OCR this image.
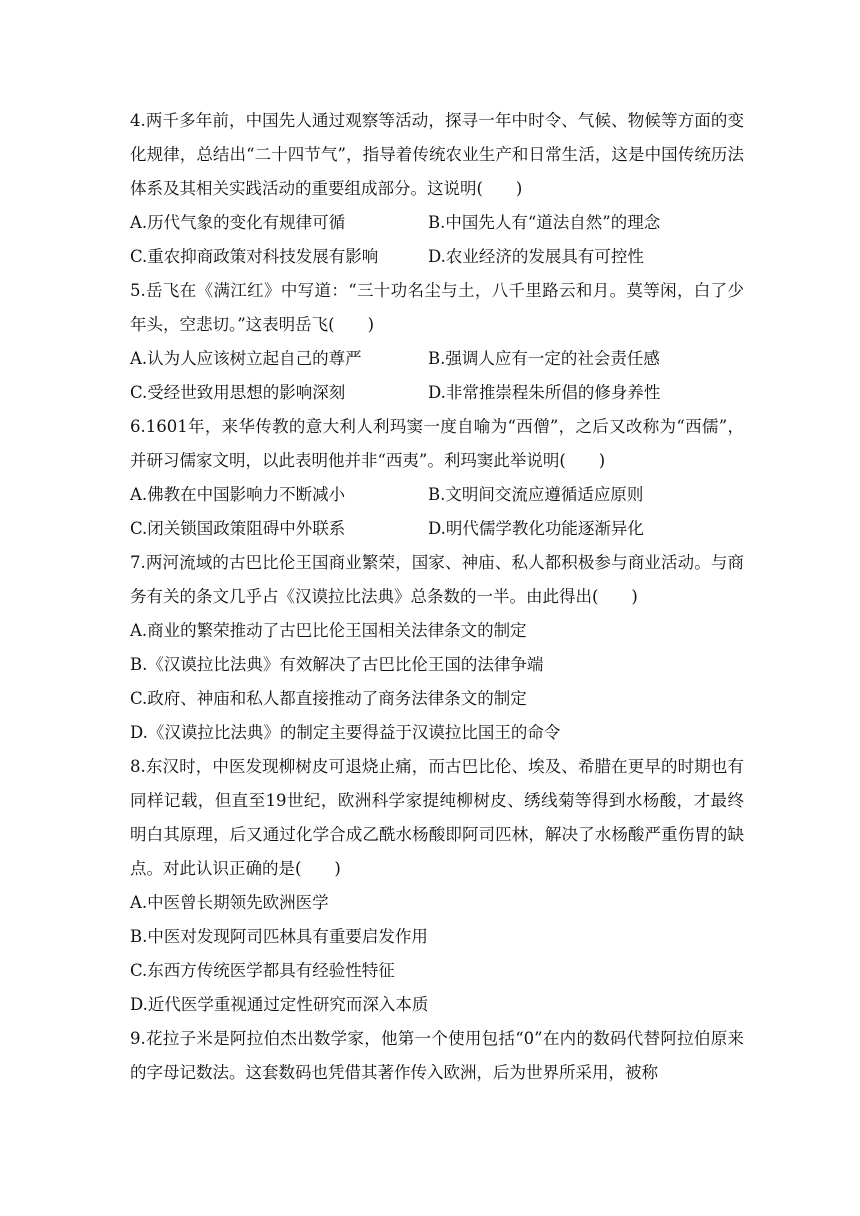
4.两千多年前，中国先人通过观察等活动，探寻一年中时令、气候、物候等方面的变化规律，总结出“二十四节气”，指导着传统农业生产和日常生活，这是中国传统历法体系及其相关实践活动的重要组成部分。这说明(　　)

A.历代气象的变化有规律可循	B.中国先人有“道法自然”的理念
C.重农抑商政策对科技发展有影响	D.农业经济的发展具有可控性

5.岳飞在《满江红》中写道：“三十功名尘与土，八千里路云和月。莫等闲，白了少年头，空悲切。”这表明岳飞(　　)

A.认为人应该树立起自己的尊严	B.强调人应有一定的社会责任感
C.受经世致用思想的影响深刻	D.非常推崇程朱所倡的修身养性

6.1601年，来华传教的意大利人利玛窦一度自喻为“西僧”，之后又改称为“西儒”，并研习儒家文明，以此表明他并非“西夷”。利玛窦此举说明(　　)

A.佛教在中国影响力不断减小	B.文明间交流应遵循适应原则
C.闭关锁国政策阻碍中外联系	D.明代儒学教化功能逐渐异化

7.两河流域的古巴比伦王国商业繁荣，国家、神庙、私人都积极参与商业活动。与商务有关的条文几乎占《汉谟拉比法典》总条数的一半。由此得出(　　)

A.商业的繁荣推动了古巴比伦王国相关法律条文的制定

B.《汉谟拉比法典》有效解决了古巴比伦王国的法律争端

C.政府、神庙和私人都直接推动了商务法律条文的制定

D.《汉谟拉比法典》的制定主要得益于汉谟拉比国王的命令

8.东汉时，中医发现柳树皮可退烧止痛，而古巴比伦、埃及、希腊在更早的时期也有同样记载，但直至19世纪，欧洲科学家提纯柳树皮、绣线菊等得到水杨酸，才最终明白其原理，后又通过化学合成乙酰水杨酸即阿司匹林，解决了水杨酸严重伤胃的缺点。对此认识正确的是(　　)

A.中医曾长期领先欧洲医学

B.中医对发现阿司匹林具有重要启发作用

C.东西方传统医学都具有经验性特征

D.近代医学重视通过定性研究而深入本质

9.花拉子米是阿拉伯杰出数学家，他第一个使用包括“0”在内的数码代替阿拉伯原来的字母记数法。这套数码也凭借其著作传入欧洲，后为世界所采用，被称
